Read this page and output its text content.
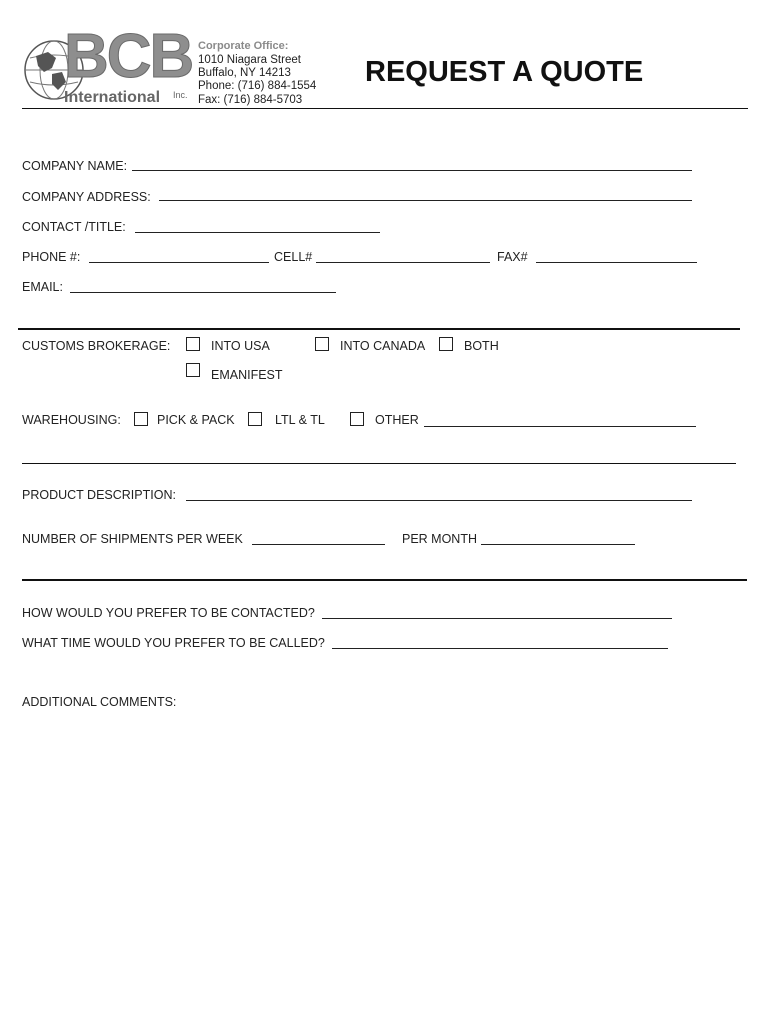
BCB
International Inc.
Corporate Office:
1010 Niagara Street
Buffalo, NY 14213
Phone: (716) 884-1554
Fax: (716) 884-5703
REQUEST A QUOTE
COMPANY NAME:
COMPANY ADDRESS:
CONTACT /TITLE:
PHONE #:	CELL#	FAX#
EMAIL:
CUSTOMS BROKERAGE:	INTO USA	INTO CANADA	BOTH
EMANIFEST
WAREHOUSING:	PICK & PACK	LTL & TL	OTHER
PRODUCT DESCRIPTION:
NUMBER OF SHIPMENTS PER WEEK	PER MONTH
HOW WOULD YOU PREFER TO BE CONTACTED?
WHAT TIME WOULD YOU PREFER TO BE CALLED?
ADDITIONAL COMMENTS:
